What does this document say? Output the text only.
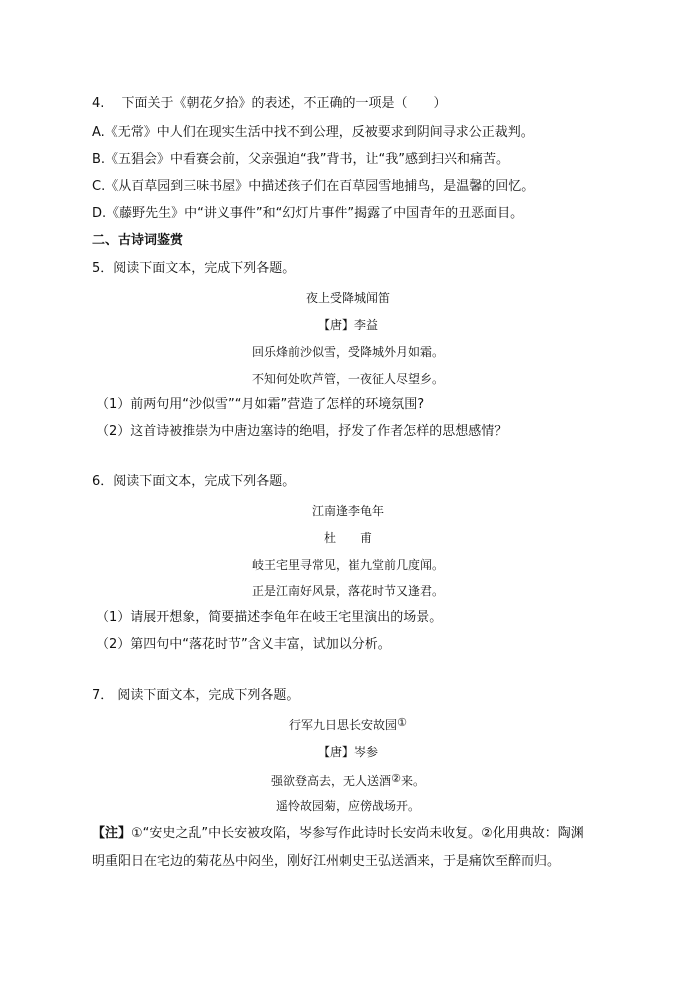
4.　 下面关于《朝花夕拾》的表述，不正确的一项是（　　）
A.《无常》中人们在现实生活中找不到公理，反被要求到阴间寻求公正裁判。
B.《五猖会》中看赛会前，父亲强迫“我”背书，让“我”感到扫兴和痛苦。
C.《从百草园到三味书屋》中描述孩子们在百草园雪地捕鸟，是温馨的回忆。
D.《藤野先生》中“讲义事件”和“幻灯片事件”揭露了中国青年的丑恶面目。
二、古诗词鉴赏
5．阅读下面文本，完成下列各题。
夜上受降城闻笛
【唐】李益
回乐烽前沙似雪，受降城外月如霜。
不知何处吹芦管，一夜征人尽望乡。
（1）前两句用“沙似雪”“月如霜”营造了怎样的环境氛围?
（2）这首诗被推崇为中唐边塞诗的绝唱，抒发了作者怎样的思想感情？
6．阅读下面文本，完成下列各题。
江南逢李龟年
杜　　甫
岐王宅里寻常见，崔九堂前几度闻。
正是江南好风景，落花时节又逢君。
（1）请展开想象，简要描述李龟年在岐王宅里演出的场景。
（2）第四句中“落花时节”含义丰富，试加以分析。
7． 阅读下面文本，完成下列各题。
行军九日思长安故园①
【唐】岑参
强欲登高去，无人送酒②来。
遥怜故园菊，应傍战场开。
【注】①“安史之乱”中长安被攻陷，岑参写作此诗时长安尚未收复。②化用典故：陶渊
明重阳日在宅边的菊花丛中闷坐，刚好江州刺史王弘送酒来，于是痛饮至醉而归。
